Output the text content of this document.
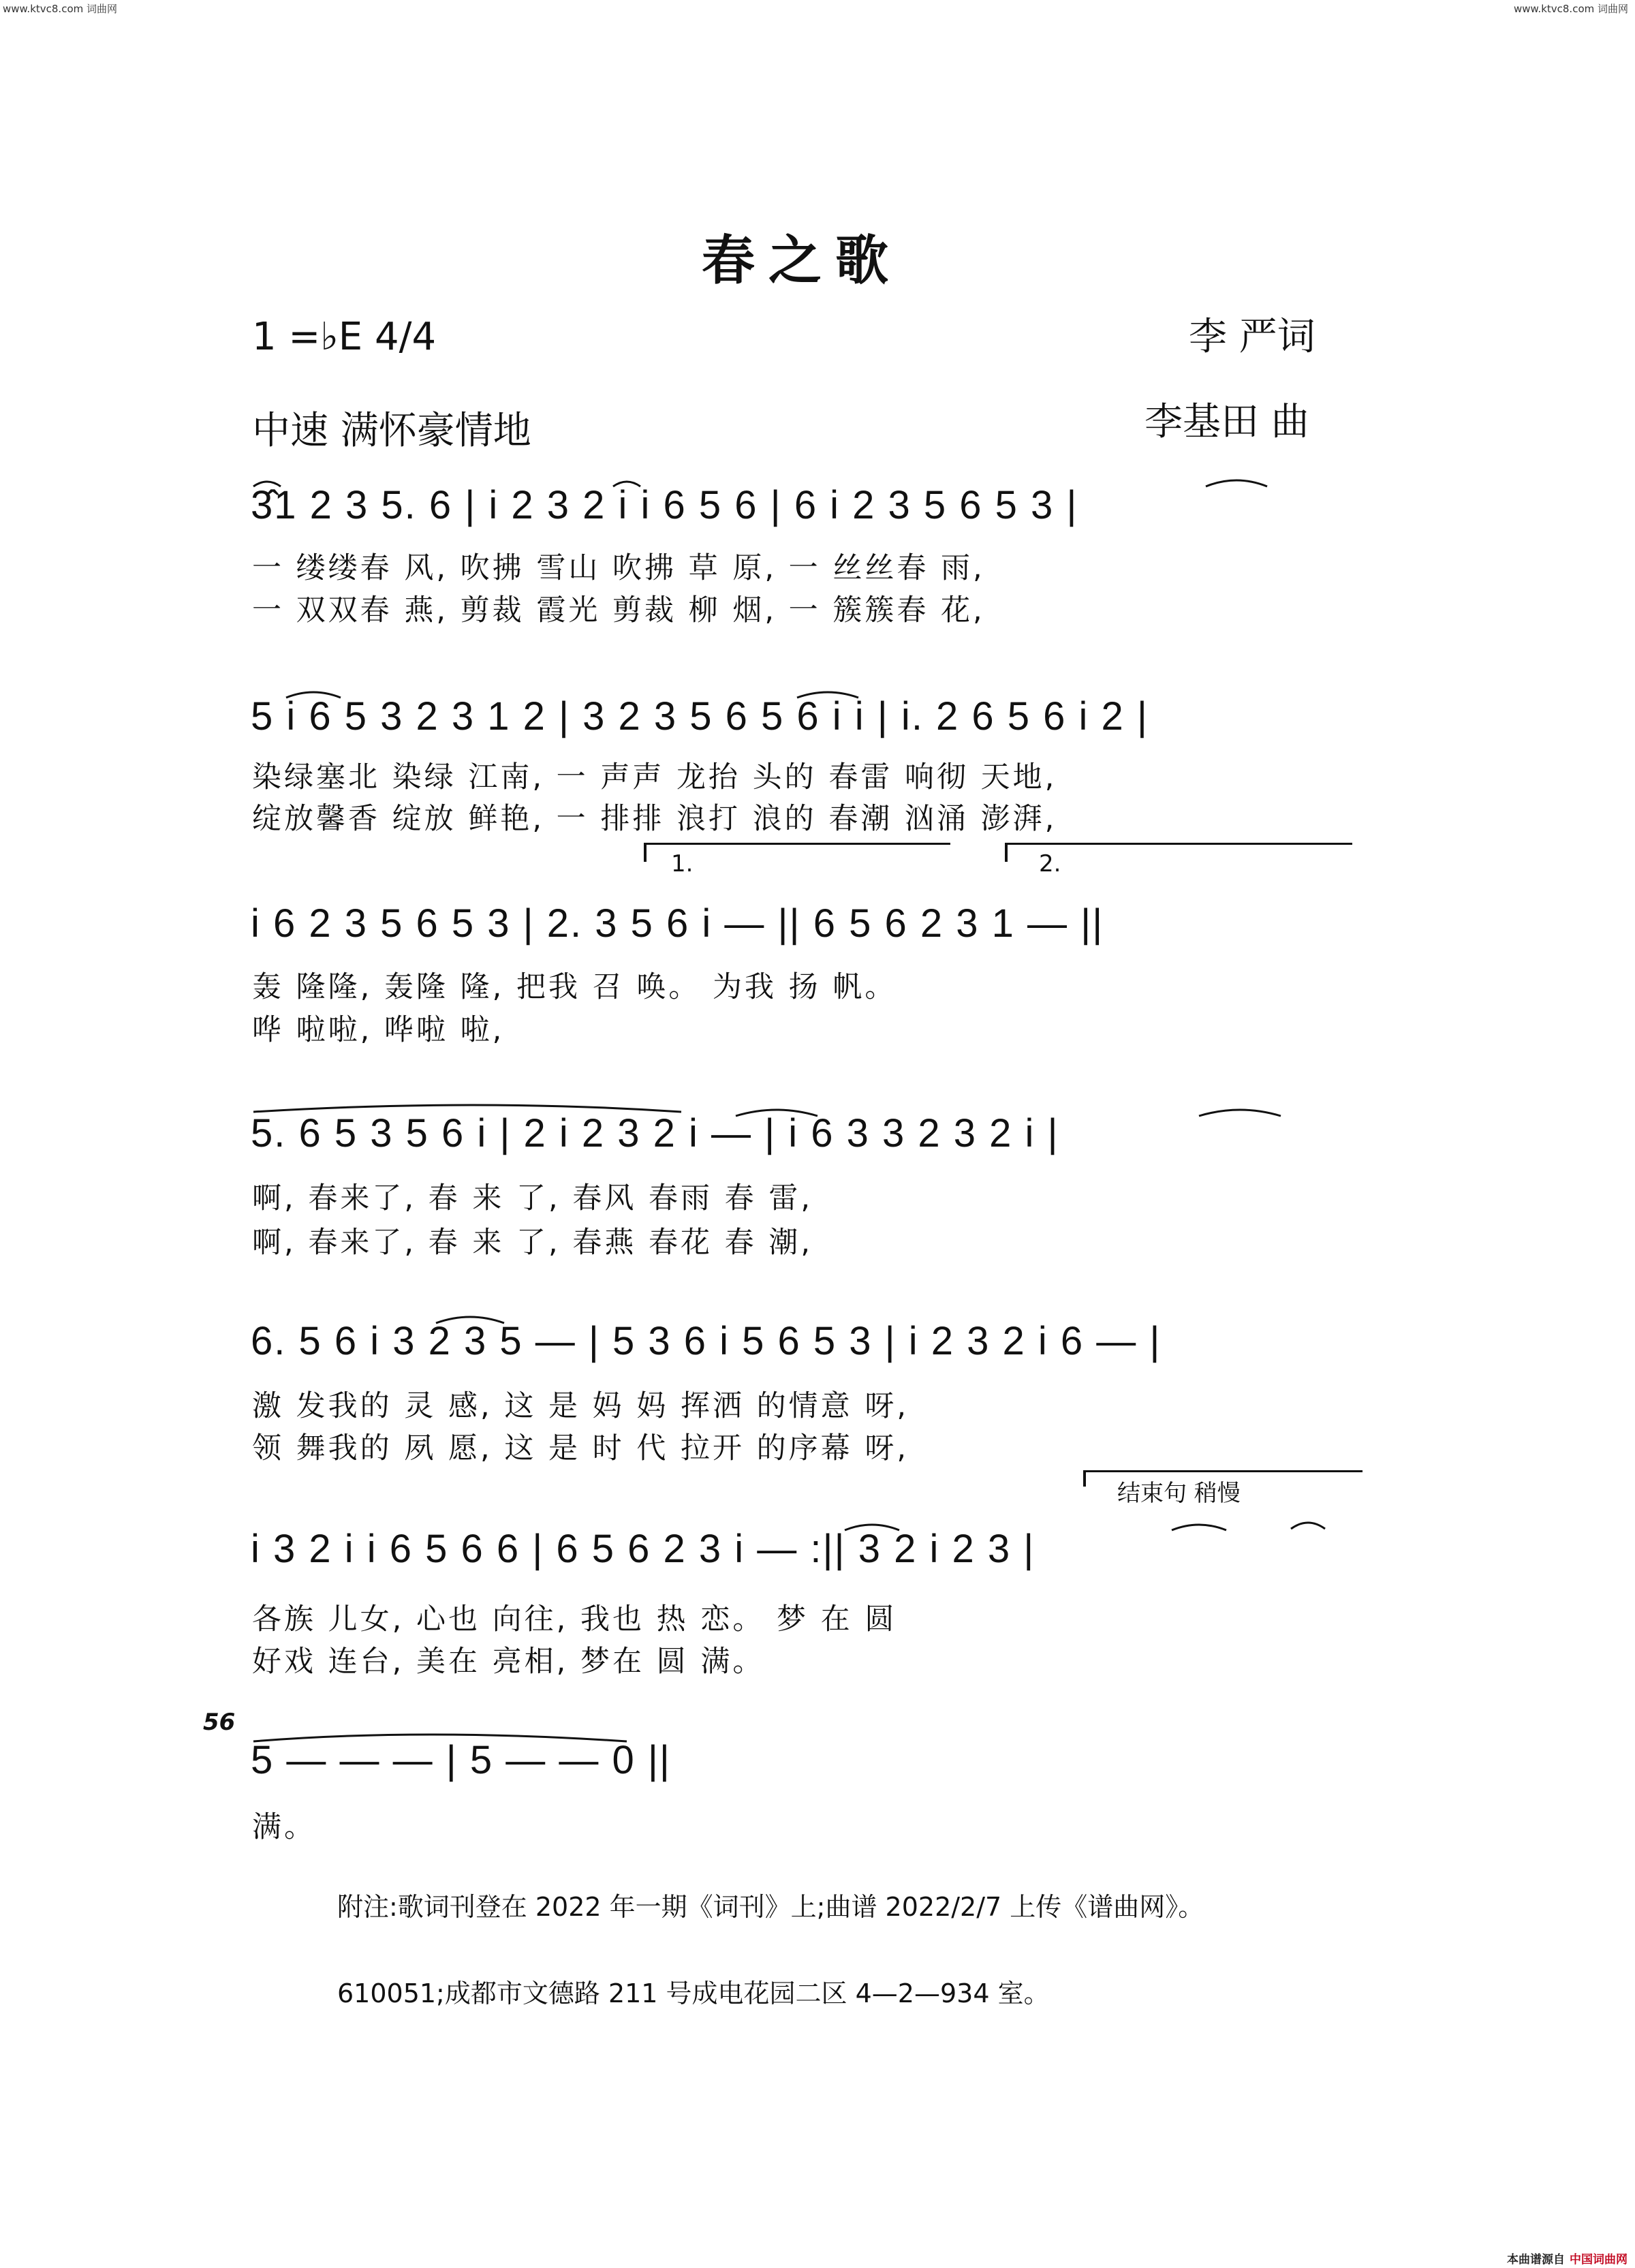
www.ktvc8.com 词曲网	www.ktvc8.com 词曲网
本曲谱源自 中国词曲网
春之歌
1 =♭E 4/4	李 严词
中速 满怀豪情地	李基田 曲
3̂1 2 3 5. 6 | i 2 3 2 i i 6 5 6 | 6 i 2 3 5 6 5 3 |
一 缕缕春 风, 吹拂 雪山 吹拂 草 原, 一 丝丝春 雨,
一 双双春 燕, 剪裁 霞光 剪裁 柳 烟, 一 簇簇春 花,
5 i 6 5 3 2 3 1 2 | 3 2 3 5 6 5 6 i i | i. 2 6 5 6 i 2 |
染绿塞北 染绿 江南, 一 声声 龙抬 头的 春雷 响彻 天地,
绽放馨香 绽放 鲜艳, 一 排排 浪打 浪的 春潮 汹涌 澎湃,
1.	2.
i 6 2 3 5 6 5 3 | 2. 3 5 6 i — || 6 5 6 2 3 1 — ||
轰 隆隆, 轰隆 隆, 把我 召 唤。 为我 扬 帆。
哗 啦啦, 哗啦 啦,
5. 6 5 3 5 6 i | 2 i 2 3 2 i — | i 6 3 3 2 3 2 i |
啊, 春来了, 春 来 了, 春风 春雨 春 雷,
啊, 春来了, 春 来 了, 春燕 春花 春 潮,
6. 5 6 i 3 2 3 5 — | 5 3 6 i 5 6 5 3 | i 2 3 2 i 6 — |
激 发我的 灵 感, 这 是 妈 妈 挥洒 的情意 呀,
领 舞我的 夙 愿, 这 是 时 代 拉开 的序幕 呀,
结束句 稍慢
i 3 2 i i 6 5 6 6 | 6 5 6 2 3 i — :|| 3 2 i 2 3 |
各族 儿女, 心也 向往, 我也 热 恋。 梦 在 圆
好戏 连台, 美在 亮相, 梦在 圆 满。
56
5 — — — | 5 — — 0 ||
满。
附注:歌词刊登在 2022 年一期《词刊》上;曲谱 2022/2/7 上传《谱曲网》。
610051;成都市文德路 211 号成电花园二区 4—2—934 室。
